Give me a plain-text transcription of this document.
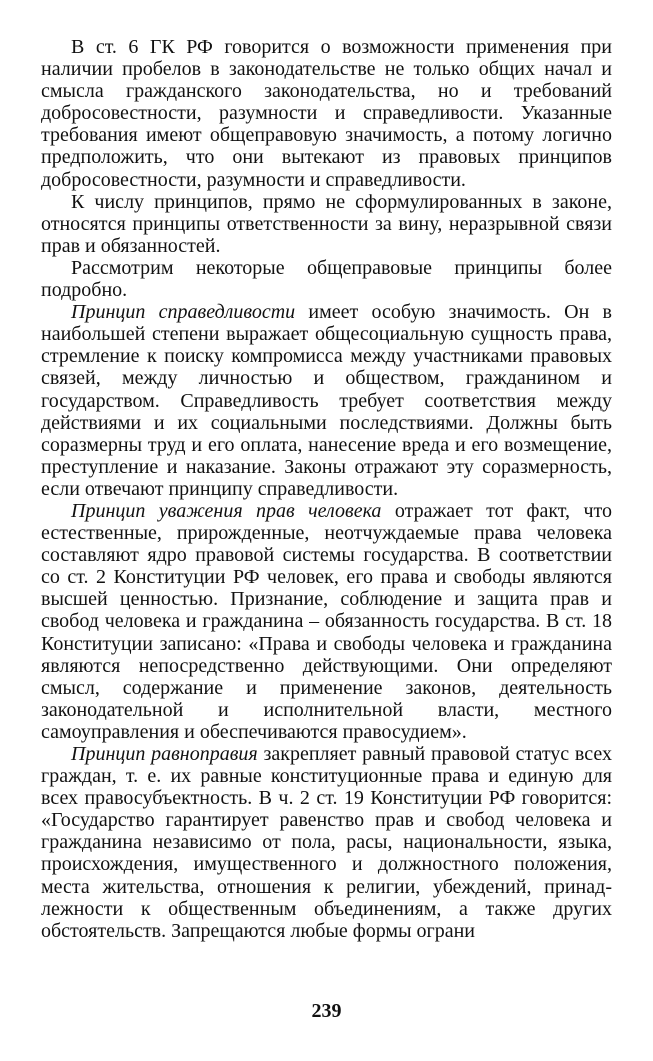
В ст. 6 ГК РФ говорится о возможности применения при наличии пробелов в законодательстве не только общих начал и смысла гражданского законодательства, но и требований добросовестности, разумности и справедливости. Указанные требования имеют общеправовую значимость, а потому логично предположить, что они вытекают из правовых принципов добросовестности, разумности и справедливости.

К числу принципов, прямо не сформулированных в законе, относятся принципы ответственности за вину, неразрывной связи прав и обязанностей.

Рассмотрим некоторые общеправовые принципы более подробно.

Принцип справедливости имеет особую значимость. Он в наибольшей степени выражает общесоциальную сущность права, стремление к поиску компромисса между участниками правовых связей, между личностью и обществом, гражданином и государством. Справедливость требует соответствия между действиями и их социальными последствиями. Должны быть соразмерны труд и его оплата, нанесение вреда и его возмещение, преступление и наказание. Законы отражают эту соразмерность, если отвечают принципу справедливости.

Принцип уважения прав человека отражает тот факт, что естественные, прирожденные, неотчуждаемые права человека составляют ядро правовой системы государства. В соответствии со ст. 2 Конституции РФ человек, его права и свободы являются высшей ценностью. Признание, соблюдение и защита прав и свобод человека и гражданина – обязанность государства. В ст. 18 Конституции записано: «Права и свободы человека и гражданина являются непосредственно действующими. Они определяют смысл, содержание и применение законов, деятельность законодательной и исполнительной власти, местного самоуправления и обеспечиваются правосудием».

Принцип равноправия закрепляет равный правовой статус всех граждан, т. е. их равные конституционные права и единую для всех правосубъектность. В ч. 2 ст. 19 Конституции РФ говорится: «Государство гарантирует равенство прав и свобод человека и гражданина независимо от пола, расы, национальности, языка, происхождения, имущественного и должностного положения, места жительства, отношения к религии, убеждений, принадлежности к общественным объединениям, а также других обстоятельств. Запрещаются любые формы ограни

239
